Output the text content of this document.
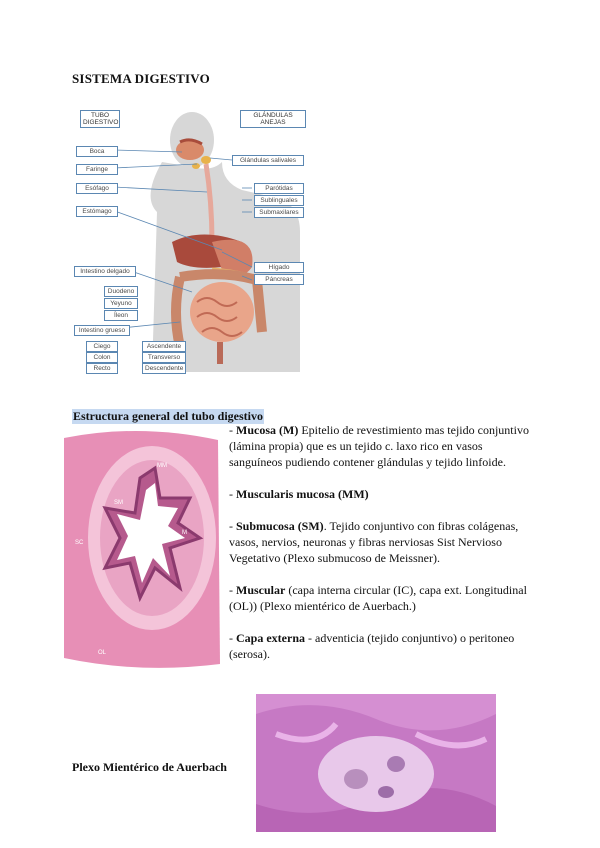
SISTEMA DIGESTIVO
TUBO DIGESTIVO
GLÁNDULAS ANEJAS
Boca
Faringe
Esófago
Estómago
Intestino delgado
Duodeno
Yeyuno
Íleon
Intestino grueso
Ciego
Colon
Recto
Ascendente
Transverso
Descendente
Glándulas salivales
Parótidas
Sublinguales
Submaxilares
Hígado
Páncreas
Estructura general del tubo digestivo
MM
SM
M
E
SC
OL

- Mucosa (M) Epitelio de revestimiento mas tejido conjuntivo (lámina propia) que es un tejido c. laxo rico en vasos sanguíneos pudiendo contener glándulas y tejido linfoide.

- Muscularis mucosa (MM)

- Submucosa (SM). Tejido conjuntivo con fibras colágenas, vasos, nervios, neuronas y fibras nerviosas Sist Nervioso Vegetativo (Plexo submucoso de Meissner).

- Muscular (capa interna circular (IC), capa ext. Longitudinal (OL)) (Plexo mientérico de Auerbach.)

- Capa externa - adventicia (tejido conjuntivo) o peritoneo (serosa).

Plexo Mientérico de Auerbach
